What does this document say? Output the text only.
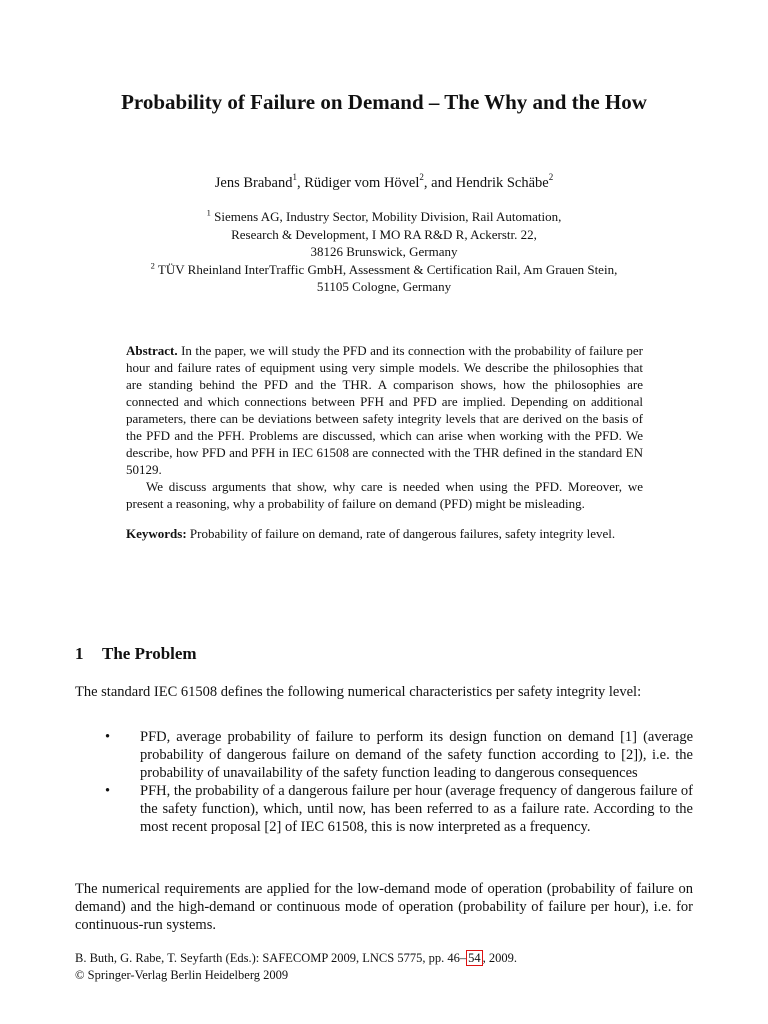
Probability of Failure on Demand – The Why and the How
Jens Braband$^1$, Rüdiger vom Hövel$^2$, and Hendrik Schäbe$^2$
$^1$ Siemens AG, Industry Sector, Mobility Division, Rail Automation,
Research & Development, I MO RA R&D R, Ackerstr. 22,
38126 Brunswick, Germany
$^2$ TÜV Rheinland InterTraffic GmbH, Assessment & Certification Rail, Am Grauen Stein,
51105 Cologne, Germany

Abstract. In the paper, we will study the PFD and its connection with the probability of failure per hour and failure rates of equipment using very simple models. We describe the philosophies that are standing behind the PFD and the THR. A comparison shows, how the philosophies are connected and which connections between PFH and PFD are implied. Depending on additional parameters, there can be deviations between safety integrity levels that are derived on the basis of the PFD and the PFH. Problems are discussed, which can arise when working with the PFD. We describe, how PFD and PFH in IEC 61508 are connected with the THR defined in the standard EN 50129.

We discuss arguments that show, why care is needed when using the PFD. Moreover, we present a reasoning, why a probability of failure on demand (PFD) might be misleading.

Keywords: Probability of failure on demand, rate of dangerous failures, safety integrity level.

1 The Problem
The standard IEC 61508 defines the following numerical characteristics per safety integrity level:
• PFD, average probability of failure to perform its design function on demand [1] (average probability of dangerous failure on demand of the safety function according to [2]), i.e. the probability of unavailability of the safety function leading to dangerous consequences
• PFH, the probability of a dangerous failure per hour (average frequency of dangerous failure of the safety function), which, until now, has been referred to as a failure rate. According to the most recent proposal [2] of IEC 61508, this is now interpreted as a frequency.
The numerical requirements are applied for the low-demand mode of operation (probability of failure on demand) and the high-demand or continuous mode of operation (probability of failure per hour), i.e. for continuous-run systems.
B. Buth, G. Rabe, T. Seyfarth (Eds.): SAFECOMP 2009, LNCS 5775, pp. 46– 54 , 2009.
© Springer-Verlag Berlin Heidelberg 2009
